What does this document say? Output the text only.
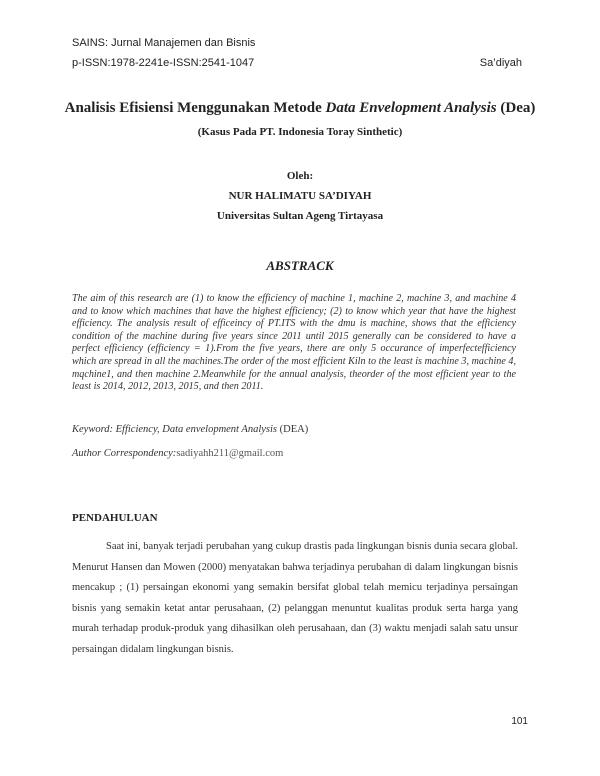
SAINS: Jurnal Manajemen dan Bisnis
p-ISSN:1978-2241e-ISSN:2541-1047	Sa’diyah
Analisis Efisiensi Menggunakan Metode Data Envelopment Analysis (Dea)
(Kasus Pada PT. Indonesia Toray Sinthetic)
Oleh:
NUR HALIMATU SA’DIYAH
Universitas Sultan Ageng Tirtayasa
ABSTRACK
The aim of this research are (1) to know the efficiency of machine 1, machine 2, machine 3, and machine 4 and to know which machines that have the highest efficiency; (2) to know which year that have the highest efficiency. The analysis result of efficeincy of PT.ITS with the dmu is machine, shows that the efficiency condition of the machine during five years since 2011 until 2015 generally can be considered to have a perfect efficiency (efficiency = 1).From the five years, there are only 5 occurance of imperfectefficiency which are spread in all the machines.The order of the most efficient Kiln to the least is machine 3, machine 4, mqchine1, and then machine 2.Meanwhile for the annual analysis, theorder of the most efficient year to the least is 2014, 2012, 2013, 2015, and then 2011.
Keyword: Efficiency, Data envelopment Analysis (DEA)
Author Correspondency:sadiyahh211@gmail.com
PENDAHULUAN
Saat ini, banyak terjadi perubahan yang cukup drastis pada lingkungan bisnis dunia secara global. Menurut Hansen dan Mowen (2000) menyatakan bahwa terjadinya perubahan di dalam lingkungan bisnis mencakup ; (1) persaingan ekonomi yang semakin bersifat global telah memicu terjadinya persaingan bisnis yang semakin ketat antar perusahaan, (2) pelanggan menuntut kualitas produk serta harga yang murah terhadap produk-produk yang dihasilkan oleh perusahaan, dan (3) waktu menjadi salah satu unsur persaingan didalam lingkungan bisnis.
101
